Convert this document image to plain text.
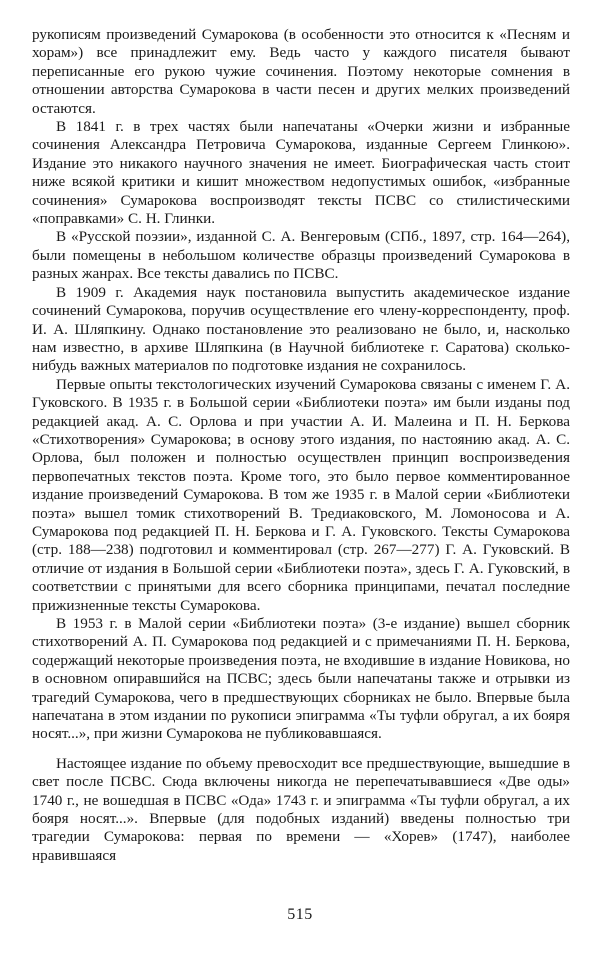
рукописям произведений Сумарокова (в особенности это относится к «Песням и хорам») все принадлежит ему. Ведь часто у каждого писателя бывают переписанные его рукою чужие сочинения. Поэтому некоторые сомнения в отношении авторства Сумарокова в части песен и других мелких произведений остаются.

В 1841 г. в трех частях были напечатаны «Очерки жизни и избранные сочинения Александра Петровича Сумарокова, изданные Сергеем Глинкою». Издание это никакого научного значения не имеет. Биографическая часть стоит ниже всякой критики и кишит множеством недопустимых ошибок, «избранные сочинения» Сумарокова воспроизводят тексты ПСВС со стилистическими «поправками» С. Н. Глинки.

В «Русской поэзии», изданной С. А. Венгеровым (СПб., 1897, стр. 164—264), были помещены в небольшом количестве образцы произведений Сумарокова в разных жанрах. Все тексты давались по ПСВС.

В 1909 г. Академия наук постановила выпустить академическое издание сочинений Сумарокова, поручив осуществление его члену-корреспонденту, проф. И. А. Шляпкину. Однако постановление это реализовано не было, и, насколько нам известно, в архиве Шляпкина (в Научной библиотеке г. Саратова) сколько-нибудь важных материалов по подготовке издания не сохранилось.

Первые опыты текстологических изучений Сумарокова связаны с именем Г. А. Гуковского. В 1935 г. в Большой серии «Библиотеки поэта» им были изданы под редакцией акад. А. С. Орлова и при участии А. И. Малеина и П. Н. Беркова «Стихотворения» Сумарокова; в основу этого издания, по настоянию акад. А. С. Орлова, был положен и полностью осуществлен принцип воспроизведения первопечатных текстов поэта. Кроме того, это было первое комментированное издание произведений Сумарокова. В том же 1935 г. в Малой серии «Библиотеки поэта» вышел томик стихотворений В. Тредиаковского, М. Ломоносова и А. Сумарокова под редакцией П. Н. Беркова и Г. А. Гуковского. Тексты Сумарокова (стр. 188—238) подготовил и комментировал (стр. 267—277) Г. А. Гуковский. В отличие от издания в Большой серии «Библиотеки поэта», здесь Г. А. Гуковский, в соответствии с принятыми для всего сборника принципами, печатал последние прижизненные тексты Сумарокова.

В 1953 г. в Малой серии «Библиотеки поэта» (3-е издание) вышел сборник стихотворений А. П. Сумарокова под редакцией и с примечаниями П. Н. Беркова, содержащий некоторые произведения поэта, не входившие в издание Новикова, но в основном опиравшийся на ПСВС; здесь были напечатаны также и отрывки из трагедий Сумарокова, чего в предшествующих сборниках не было. Впервые была напечатана в этом издании по рукописи эпиграмма «Ты туфли обругал, а их бояря носят...», при жизни Сумарокова не публиковавшаяся.

Настоящее издание по объему превосходит все предшествующие, вышедшие в свет после ПСВС. Сюда включены никогда не перепечатывавшиеся «Две оды» 1740 г., не вошедшая в ПСВС «Ода» 1743 г. и эпиграмма «Ты туфли обругал, а их бояря носят...». Впервые (для подобных изданий) введены полностью три трагедии Сумарокова: первая по времени — «Хорев» (1747), наиболее нравившаяся

515
